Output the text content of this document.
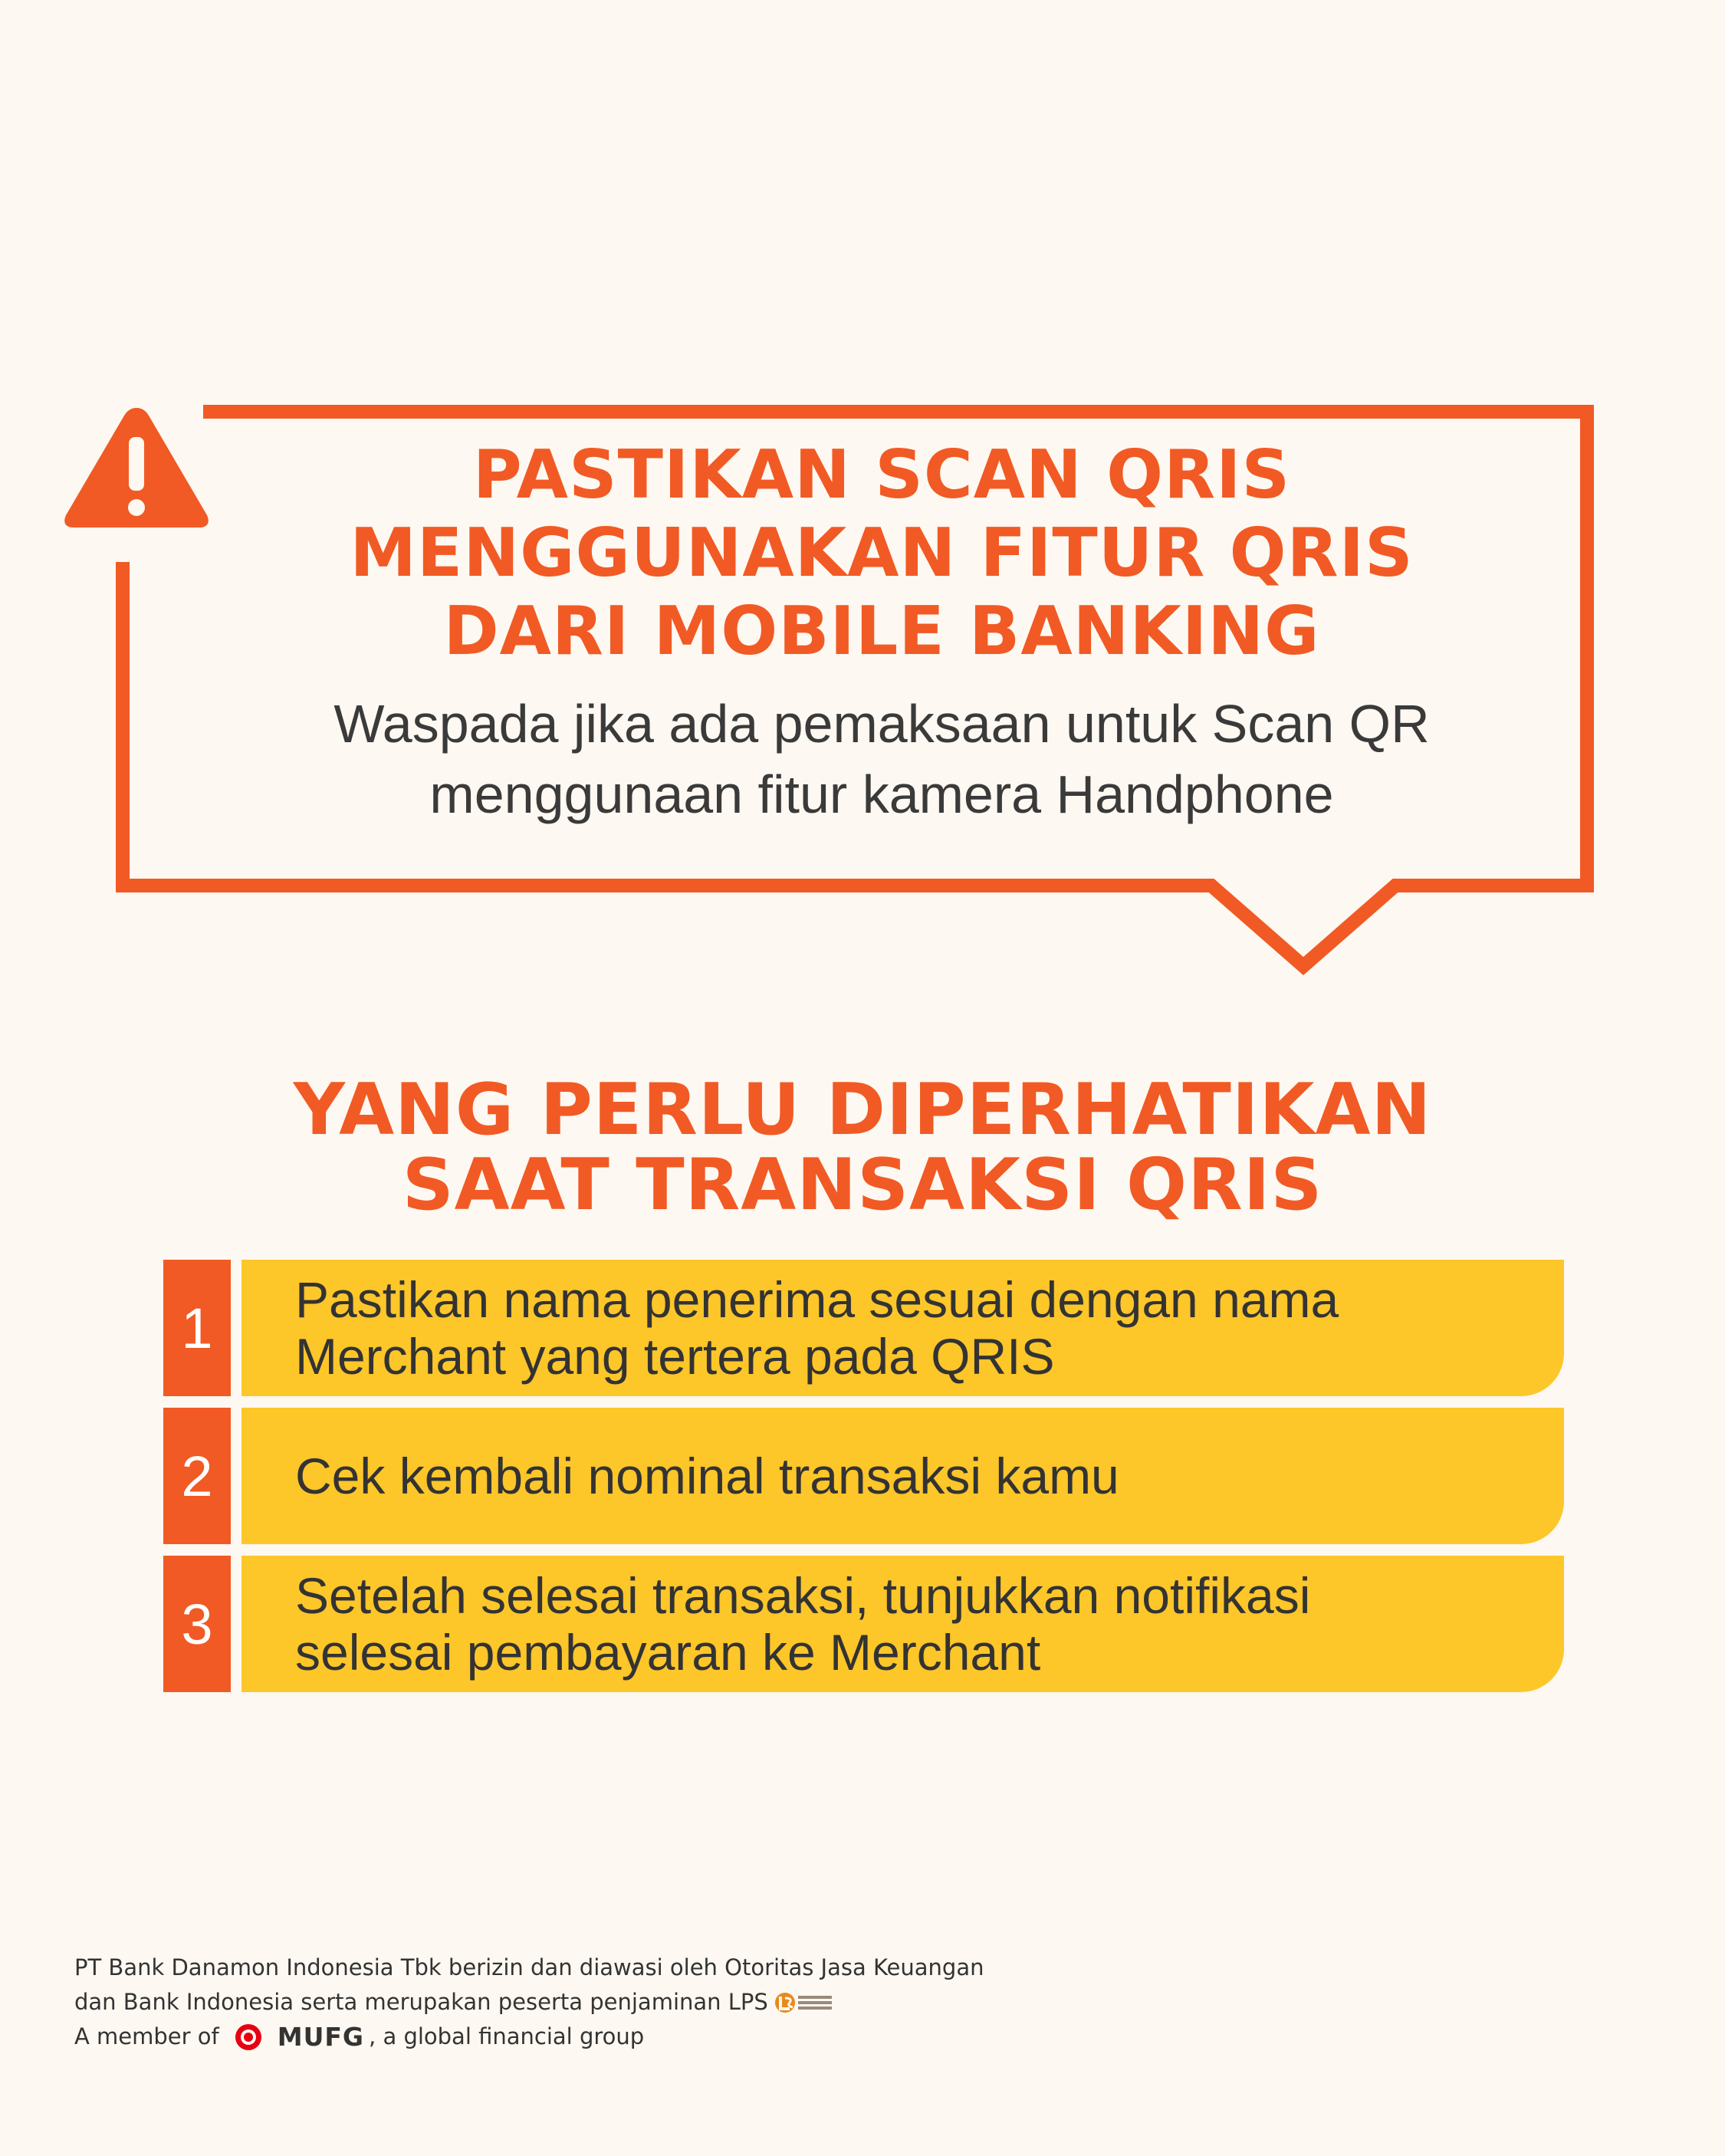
PASTIKAN SCAN QRIS
MENGGUNAKAN FITUR QRIS
DARI MOBILE BANKING
Waspada jika ada pemaksaan untuk Scan QR
menggunaan fitur kamera Handphone
YANG PERLU DIPERHATIKAN
SAAT TRANSAKSI QRIS
1	Pastikan nama penerima sesuai dengan nama
Merchant yang tertera pada QRIS
2	Cek kembali nominal transaksi kamu
3	Setelah selesai transaksi, tunjukkan notifikasi
selesai pembayaran ke Merchant
PT Bank Danamon Indonesia Tbk berizin dan diawasi oleh Otoritas Jasa Keuangan
dan Bank Indonesia serta merupakan peserta penjaminan LPS
A member of MUFG , a global financial group
